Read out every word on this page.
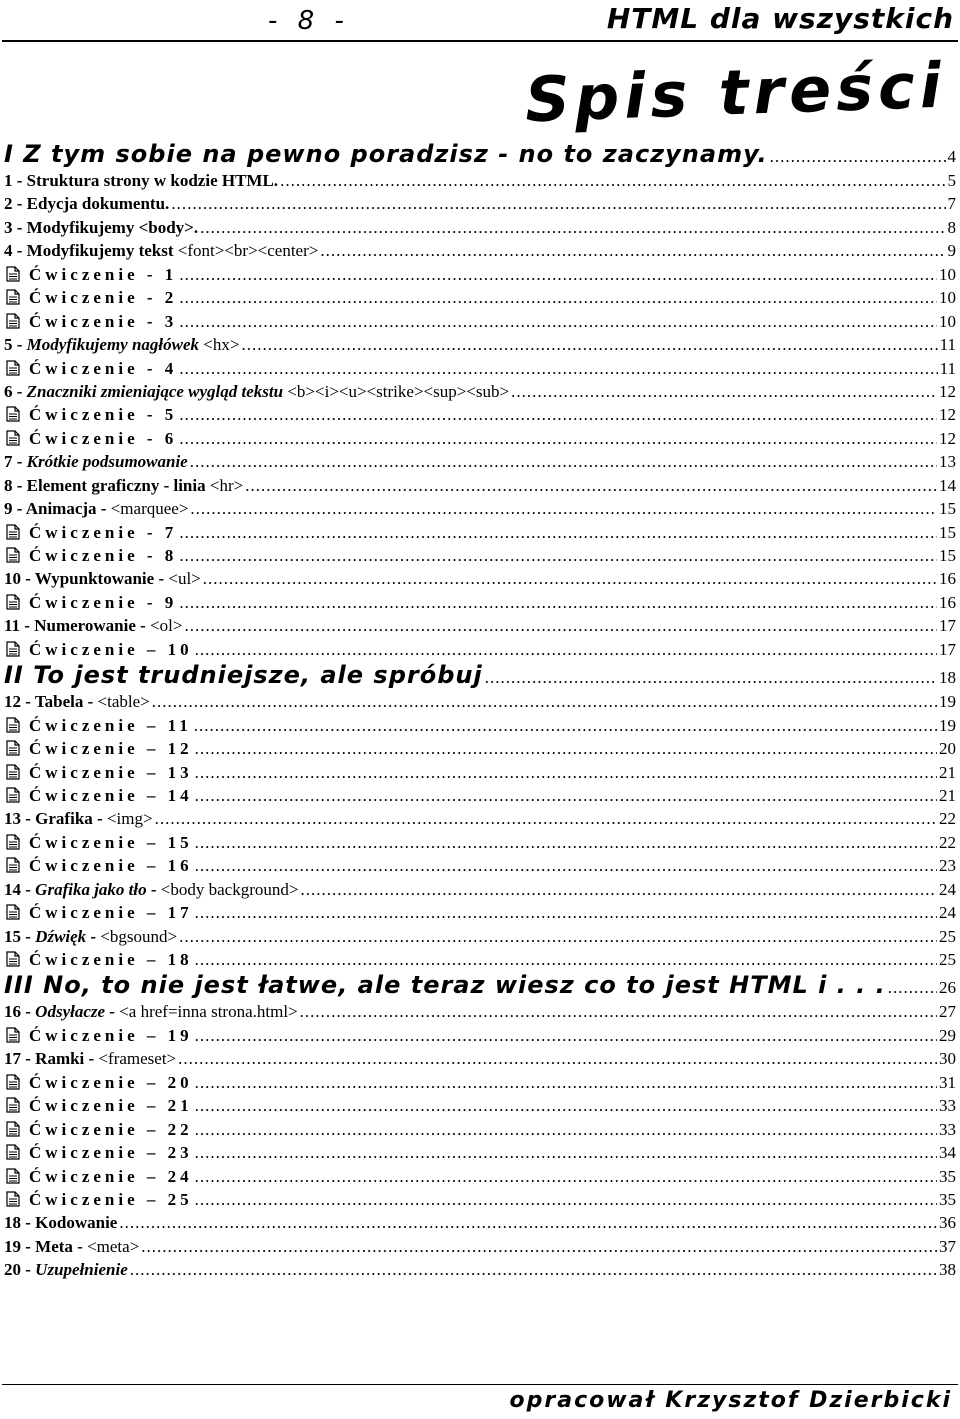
- 8 -	HTML dla wszystkich
Spis treści
I Z tym sobie na pewno poradzisz - no to zaczynamy. .....	4
1 - Struktura strony w kodzie HTML. .....	5
2 - Edycja dokumentu. .....	7
3 - Modyfikujemy <body>. .....	8
4 - Modyfikujemy tekst <font><br><center> .....	9
Ćwiczenie - 1 .....	10
Ćwiczenie - 2 .....	10
Ćwiczenie - 3 .....	10
5 - Modyfikujemy nagłówek <hx> .....	11
Ćwiczenie - 4 .....	11
6 - Znaczniki zmieniające wygląd tekstu <b><i><u><strike><sup><sub> .....	12
Ćwiczenie - 5 .....	12
Ćwiczenie - 6 .....	12
7 - Krótkie podsumowanie .....	13
8 - Element graficzny - linia <hr> .....	14
9 - Animacja - <marquee> .....	15
Ćwiczenie - 7 .....	15
Ćwiczenie - 8 .....	15
10 - Wypunktowanie - <ul> .....	16
Ćwiczenie - 9 .....	16
11 - Numerowanie - <ol> .....	17
Ćwiczenie – 10 .....	17
II To jest trudniejsze, ale spróbuj .....	18
12 - Tabela - <table> .....	19
Ćwiczenie – 11 .....	19
Ćwiczenie – 12 .....	20
Ćwiczenie – 13 .....	21
Ćwiczenie – 14 .....	21
13 - Grafika - <img> .....	22
Ćwiczenie – 15 .....	22
Ćwiczenie – 16 .....	23
14 - Grafika jako tło - <body background> .....	24
Ćwiczenie – 17 .....	24
15 - Dźwięk - <bgsound> .....	25
Ćwiczenie – 18 .....	25
III No, to nie jest łatwe, ale teraz wiesz co to jest HTML i . . . .....	26
16 - Odsyłacze - <a href=inna strona.html> .....	27
Ćwiczenie – 19 .....	29
17 - Ramki - <frameset> .....	30
Ćwiczenie – 20 .....	31
Ćwiczenie – 21 .....	33
Ćwiczenie – 22 .....	33
Ćwiczenie – 23 .....	34
Ćwiczenie – 24 .....	35
Ćwiczenie – 25 .....	35
18 - Kodowanie .....	36
19 - Meta - <meta> .....	37
20 - Uzupełnienie .....	38
opracował Krzysztof Dzierbicki
